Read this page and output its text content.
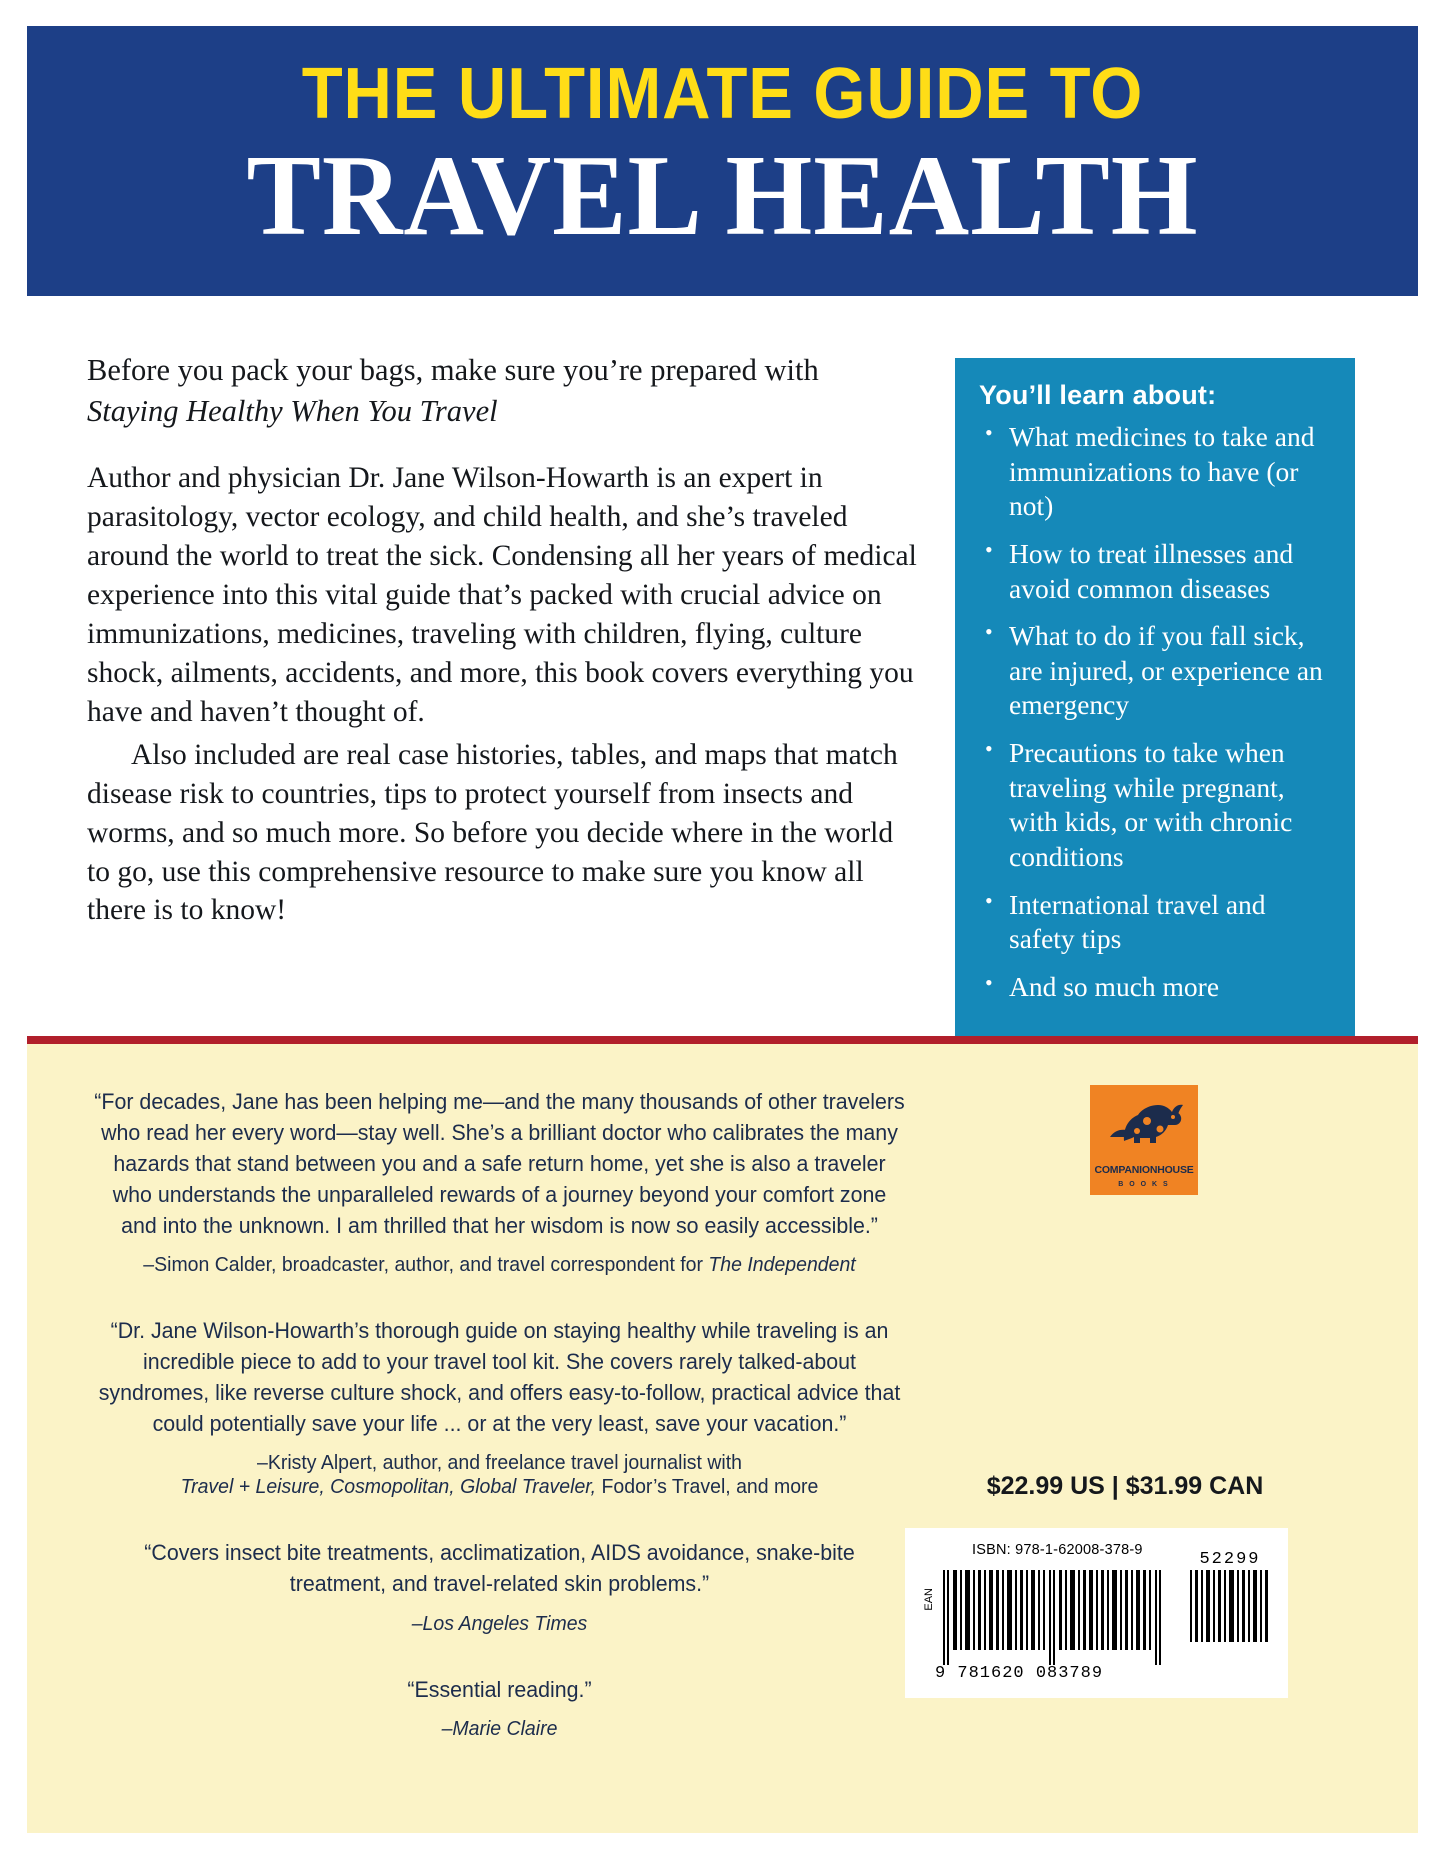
THE ULTIMATE GUIDE TO
TRAVEL HEALTH

Before you pack your bags, make sure you’re prepared with Staying Healthy When You Travel

Author and physician Dr. Jane Wilson-Howarth is an expert in parasitology, vector ecology, and child health, and she’s traveled around the world to treat the sick. Condensing all her years of medical experience into this vital guide that’s packed with crucial advice on immunizations, medicines, traveling with children, flying, culture shock, ailments, accidents, and more, this book covers everything you have and haven’t thought of.

Also included are real case histories, tables, and maps that match disease risk to countries, tips to protect yourself from insects and worms, and so much more. So before you decide where in the world to go, use this comprehensive resource to make sure you know all there is to know!

You’ll learn about:
• What medicines to take and immunizations to have (or not)
• How to treat illnesses and avoid common diseases
• What to do if you fall sick, are injured, or experience an emergency
• Precautions to take when traveling while pregnant, with kids, or with chronic conditions
• International travel and safety tips
• And so much more
“For decades, Jane has been helping me—and the many thousands of other travelers who read her every word—stay well. She’s a brilliant doctor who calibrates the many hazards that stand between you and a safe return home, yet she is also a traveler who understands the unparalleled rewards of a journey beyond your comfort zone and into the unknown. I am thrilled that her wisdom is now so easily accessible.”
–Simon Calder, broadcaster, author, and travel correspondent for The Independent
“Dr. Jane Wilson-Howarth’s thorough guide on staying healthy while traveling is an incredible piece to add to your travel tool kit. She covers rarely talked-about syndromes, like reverse culture shock, and offers easy-to-follow, practical advice that could potentially save your life ... or at the very least, save your vacation.”
–Kristy Alpert, author, and freelance travel journalist with
Travel + Leisure, Cosmopolitan, Global Traveler, Fodor’s Travel, and more
“Covers insect bite treatments, acclimatization, AIDS avoidance, snake-bite treatment, and travel-related skin problems.”
–Los Angeles Times
“Essential reading.”
–Marie Claire
COMPANIONHOUSE
B O O K S
$22.99 US | $31.99 CAN
ISBN: 978-1-62008-378-9
EAN
52299
9 781620 083789
